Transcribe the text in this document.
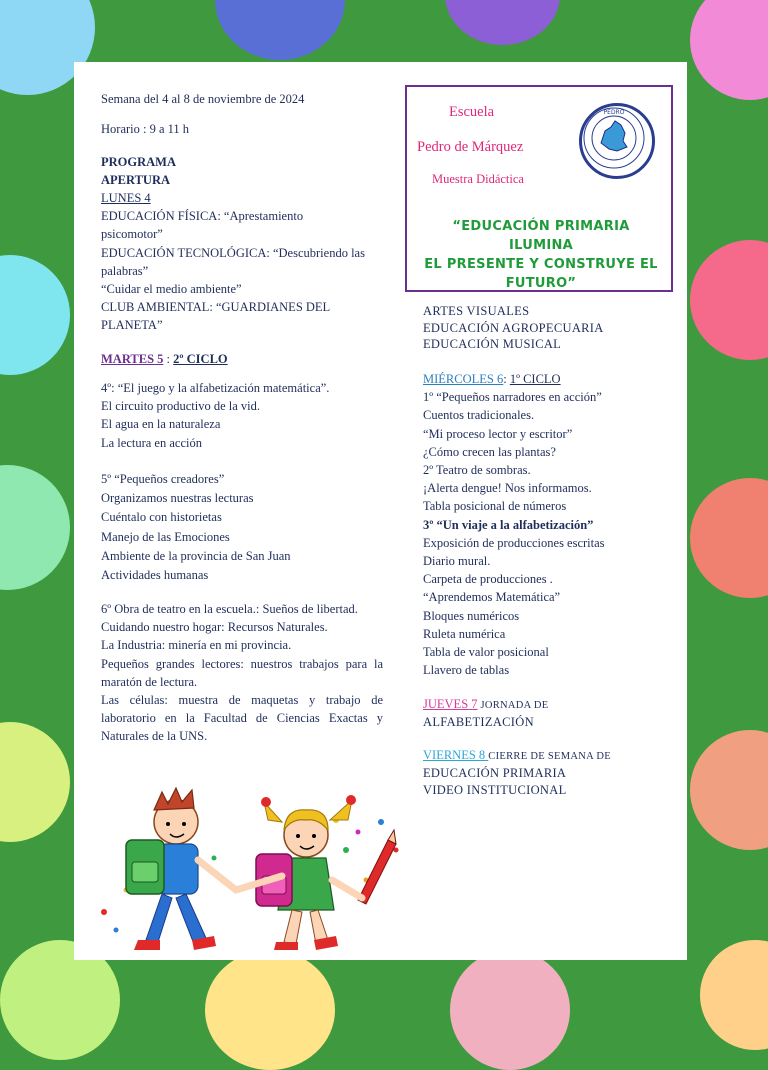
Semana del 4 al 8 de noviembre de 2024
Horario : 9 a 11 h
PROGRAMA
APERTURA
LUNES 4
EDUCACIÓN FÍSICA: “Aprestamiento
psicomotor”
EDUCACIÓN TECNOLÓGICA: “Descubriendo las
palabras”
“Cuidar el medio ambiente”
CLUB AMBIENTAL: “GUARDIANES DEL
PLANETA”
MARTES 5 : 2º CICLO
4º: “El juego y la alfabetización matemática”.
El circuito productivo de la vid.
El agua en la naturaleza
La lectura en acción
5º “Pequeños creadores”
Organizamos nuestras lecturas
Cuéntalo con historietas
Manejo de las Emociones
Ambiente de la provincia de San Juan
Actividades humanas
6º Obra de teatro en la escuela.: Sueños de libertad.
Cuidando nuestro hogar: Recursos Naturales.
La Industria: minería en mi provincia.
Pequeños grandes lectores: nuestros trabajos para la maratón de lectura.
Las células: muestra de maquetas y trabajo de laboratorio en la Facultad de Ciencias Exactas y Naturales de la UNS.
Escuela
Pedro de Márquez
Muestra Didáctica
PEDRO
“EDUCACIÓN PRIMARIA ILUMINA
EL PRESENTE Y CONSTRUYE EL
FUTURO”
ARTES VISUALES
EDUCACIÓN AGROPECUARIA
EDUCACIÓN MUSICAL
MIÉRCOLES 6: 1º CICLO
1º “Pequeños narradores en acción”
Cuentos tradicionales.
“Mi proceso lector y escritor”
¿Cómo crecen las plantas?
2º Teatro de sombras.
¡Alerta dengue! Nos informamos.
Tabla posicional de números
3º “Un viaje a la alfabetización”
Exposición de producciones escritas
Diario mural.
Carpeta de producciones .
“Aprendemos Matemática”
Bloques numéricos
Ruleta numérica
Tabla de valor posicional
Llavero de tablas
JUEVES 7 JORNADA DE
ALFABETIZACIÓN
VIERNES 8 CIERRE DE SEMANA DE
EDUCACIÓN PRIMARIA
VIDEO INSTITUCIONAL
